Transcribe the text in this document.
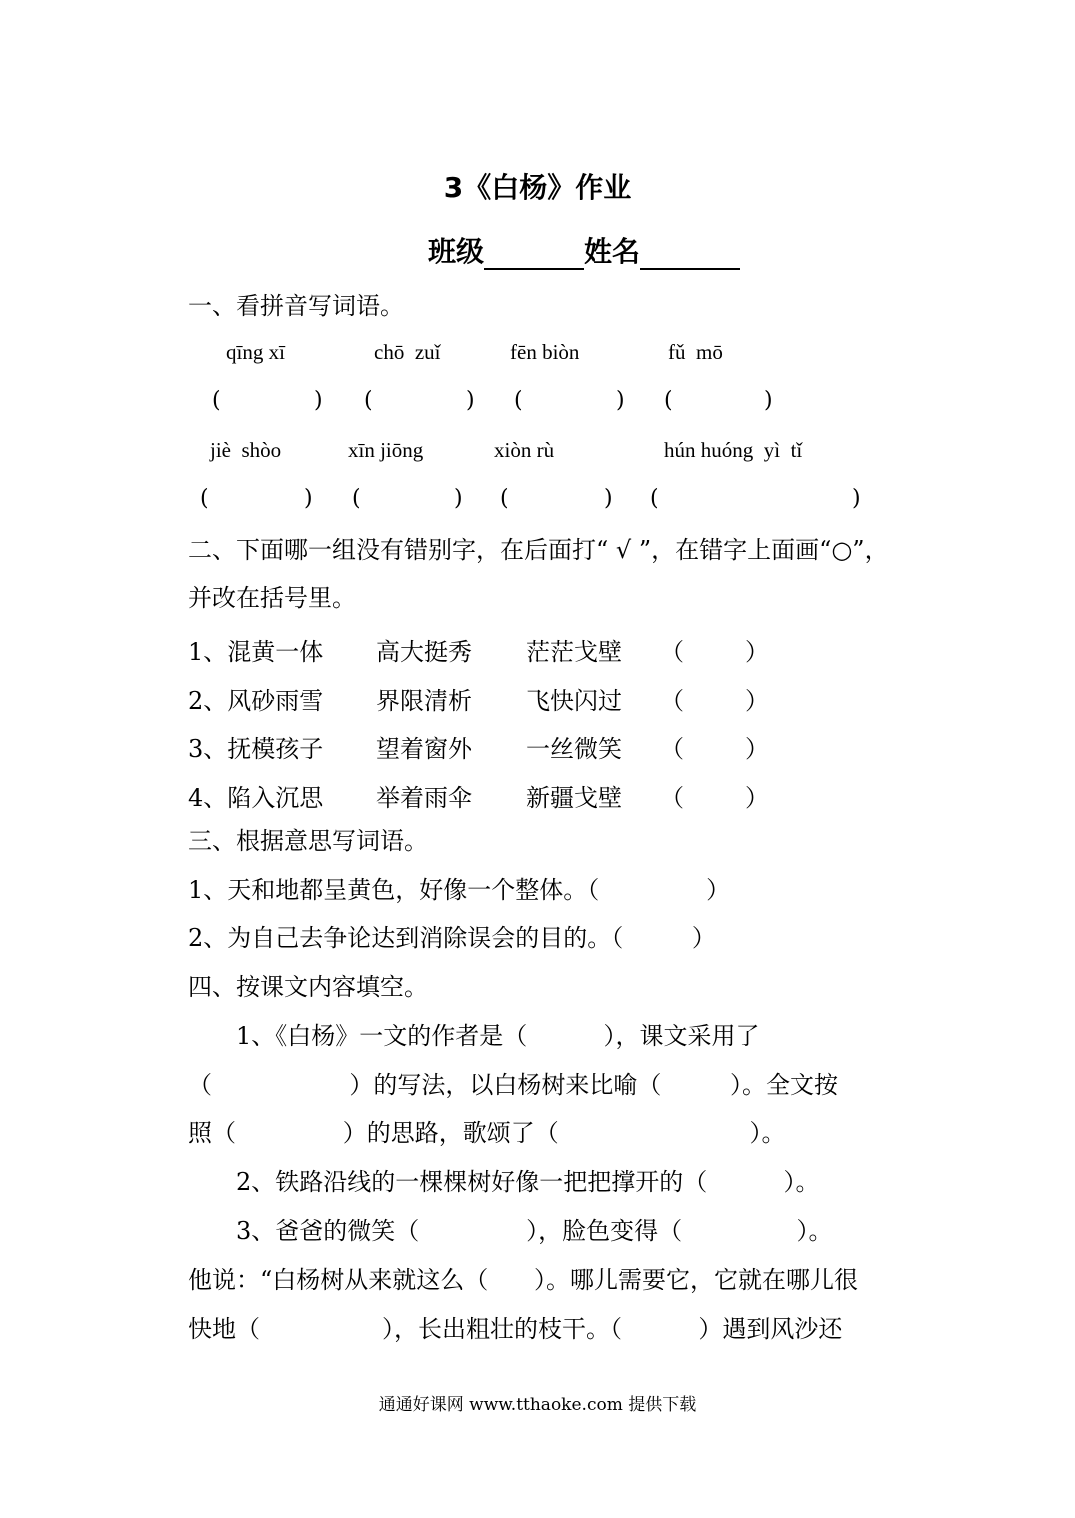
3《白杨》作业
班级	姓名
一、看拼音写词语。
qīng xī	chō  zuǐ	fēn biòn	fǔ  mō
(	) (	) (	) (	)
jiè  shòo	xīn jiōng	xiòn rù	hún huóng  yì  tǐ
(	) (	) (	) (	)
二、下面哪一组没有错别字，在后面打“ √ ”，在错字上面画“○”，
并改在括号里。
1、混黄一体 高大挺秀 茫茫戈壁 （        ）
2、风砂雨雪 界限清析 飞快闪过 （        ）
3、抚模孩子 望着窗外 一丝微笑 （        ）
4、陷入沉思 举着雨伞 新疆戈壁 （        ）
三、根据意思写词语。
1、天和地都呈黄色，好像一个整体。（              ）
2、为自己去争论达到消除误会的目的。（         ）
四、按课文内容填空。
1、《白杨》一文的作者是（          ），课文采用了
（                  ）的写法，以白杨树来比喻（         ）。全文按
照（              ）的思路，歌颂了（                         ）。
2、铁路沿线的一棵棵树好像一把把撑开的（          ）。
3、爸爸的微笑（              ），脸色变得（               ）。
他说：“白杨树从来就这么（      ）。哪儿需要它，它就在哪儿很
快地（                ），长出粗壮的枝干。（          ）遇到风沙还
通通好课网 www.tthaoke.com 提供下载
